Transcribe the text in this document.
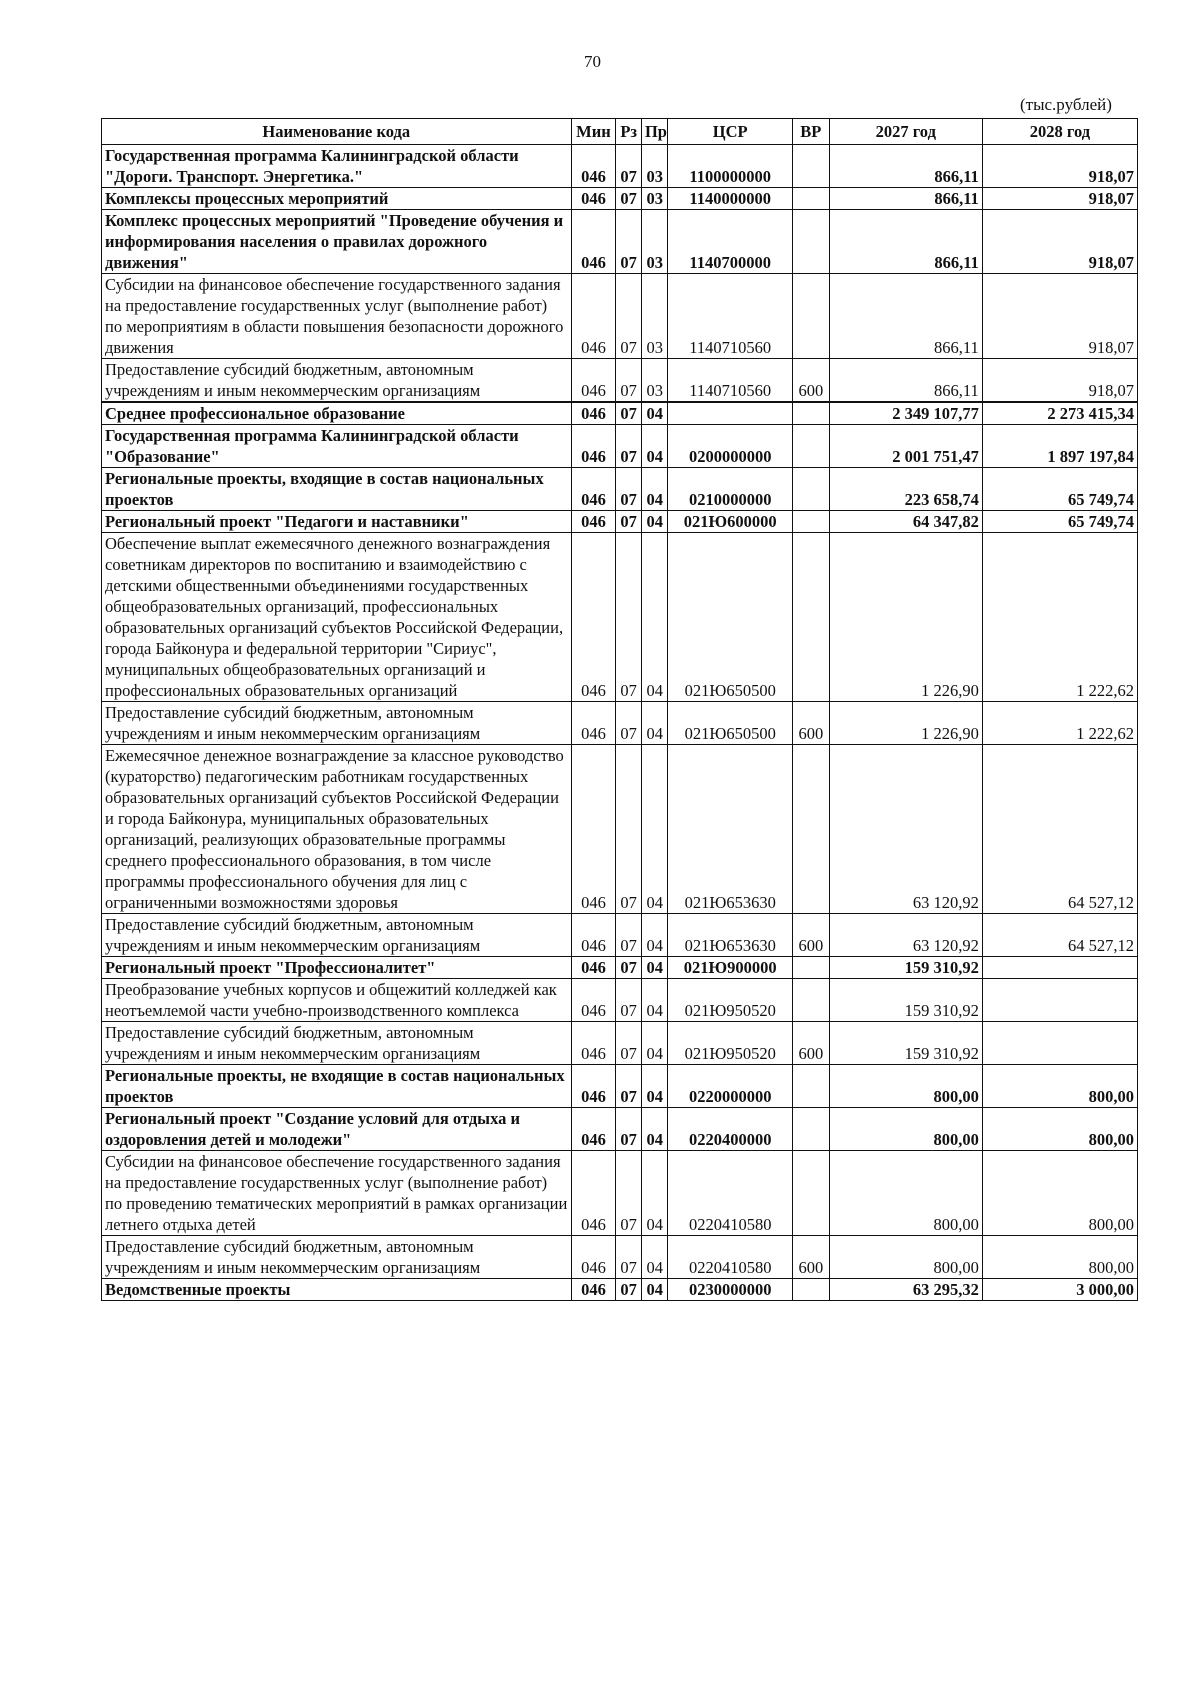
70
(тыс.рублей)
Наименование кода	Мин	Рз	Пр	ЦСР	ВР	2027 год	2028 год
Государственная программа Калининградской области "Дороги. Транспорт. Энергетика."	046	07	03	1100000000		866,11	918,07
Комплексы процессных мероприятий	046	07	03	1140000000		866,11	918,07
Комплекс процессных мероприятий "Проведение обучения и информирования населения о правилах дорожного движения"	046	07	03	1140700000		866,11	918,07
Субсидии на финансовое обеспечение государственного задания на предоставление государственных услуг (выполнение работ) по мероприятиям в области повышения безопасности дорожного движения	046	07	03	1140710560		866,11	918,07
Предоставление субсидий бюджетным, автономным учреждениям и иным некоммерческим организациям	046	07	03	1140710560	600	866,11	918,07
Среднее профессиональное образование	046	07	04			2 349 107,77	2 273 415,34
Государственная программа Калининградской области "Образование"	046	07	04	0200000000		2 001 751,47	1 897 197,84
Региональные проекты, входящие в состав национальных проектов	046	07	04	0210000000		223 658,74	65 749,74
Региональный проект "Педагоги и наставники"	046	07	04	021Ю600000		64 347,82	65 749,74
Обеспечение выплат ежемесячного денежного вознаграждения советникам директоров по воспитанию и взаимодействию с детскими общественными объединениями государственных общеобразовательных организаций, профессиональных образовательных организаций субъектов Российской Федерации, города Байконура и федеральной территории "Сириус", муниципальных общеобразовательных организаций и профессиональных образовательных организаций	046	07	04	021Ю650500		1 226,90	1 222,62
Предоставление субсидий бюджетным, автономным учреждениям и иным некоммерческим организациям	046	07	04	021Ю650500	600	1 226,90	1 222,62
Ежемесячное денежное вознаграждение за классное руководство (кураторство) педагогическим работникам государственных образовательных организаций субъектов Российской Федерации и города Байконура, муниципальных образовательных организаций, реализующих образовательные программы среднего профессионального образования, в том числе программы профессионального обучения для лиц с ограниченными возможностями здоровья	046	07	04	021Ю653630		63 120,92	64 527,12
Предоставление субсидий бюджетным, автономным учреждениям и иным некоммерческим организациям	046	07	04	021Ю653630	600	63 120,92	64 527,12
Региональный проект "Профессионалитет"	046	07	04	021Ю900000		159 310,92	
Преобразование учебных корпусов и общежитий колледжей как неотъемлемой части учебно-производственного комплекса	046	07	04	021Ю950520		159 310,92	
Предоставление субсидий бюджетным, автономным учреждениям и иным некоммерческим организациям	046	07	04	021Ю950520	600	159 310,92	
Региональные проекты, не входящие в состав национальных проектов	046	07	04	0220000000		800,00	800,00
Региональный проект "Создание условий для отдыха и оздоровления детей и молодежи"	046	07	04	0220400000		800,00	800,00
Субсидии на финансовое обеспечение государственного задания на предоставление государственных услуг (выполнение работ) по проведению тематических мероприятий в рамках организации летнего отдыха детей	046	07	04	0220410580		800,00	800,00
Предоставление субсидий бюджетным, автономным учреждениям и иным некоммерческим организациям	046	07	04	0220410580	600	800,00	800,00
Ведомственные проекты	046	07	04	0230000000		63 295,32	3 000,00
